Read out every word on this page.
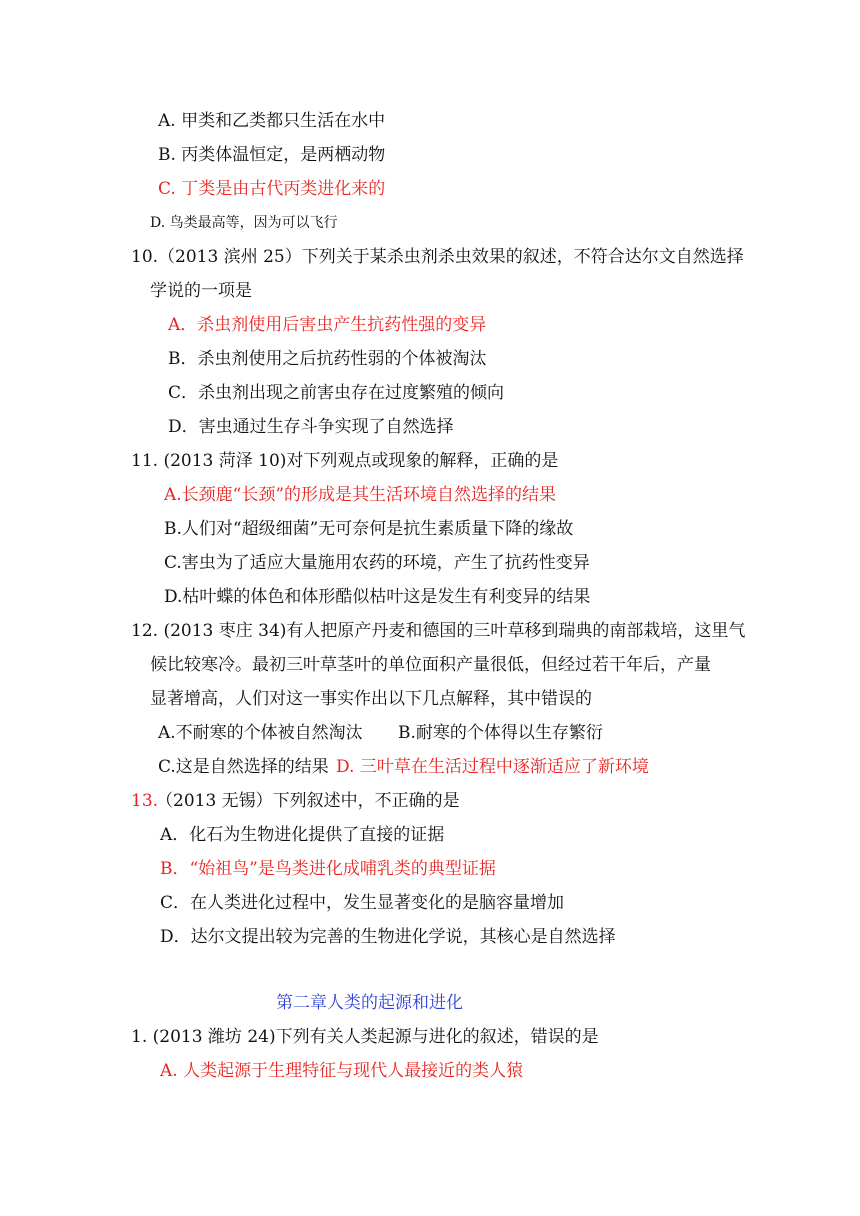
A. 甲类和乙类都只生活在水中
B. 丙类体温恒定，是两栖动物
C. 丁类是由古代丙类进化来的
D. 鸟类最高等，因为可以飞行
10.（2013 滨州 25）下列关于某杀虫剂杀虫效果的叙述，不符合达尔文自然选择
学说的一项是
A．杀虫剂使用后害虫产生抗药性强的变异
B．杀虫剂使用之后抗药性弱的个体被淘汰
C．杀虫剂出现之前害虫存在过度繁殖的倾向
D．害虫通过生存斗争实现了自然选择
11. (2013 菏泽 10)对下列观点或现象的解释，正确的是
A.长颈鹿“长颈”的形成是其生活环境自然选择的结果
B.人们对“超级细菌”无可奈何是抗生素质量下降的缘故
C.害虫为了适应大量施用农药的环境，产生了抗药性变异
D.枯叶蝶的体色和体形酷似枯叶这是发生有利变异的结果
12. (2013 枣庄 34)有人把原产丹麦和德国的三叶草移到瑞典的南部栽培，这里气
候比较寒冷。最初三叶草茎叶的单位面积产量很低，但经过若干年后，产量
显著增高，人们对这一事实作出以下几点解释，其中错误的
A.不耐寒的个体被自然淘汰 B.耐寒的个体得以生存繁衍
C.这是自然选择的结果 D. 三叶草在生活过程中逐渐适应了新环境
13.
（2013 无锡）下列叙述中，不正确的是
A．化石为生物进化提供了直接的证据
B．“始祖鸟”是鸟类进化成哺乳类的典型证据
C．在人类进化过程中，发生显著变化的是脑容量增加
D．达尔文提出较为完善的生物进化学说，其核心是自然选择
第二章人类的起源和进化
1. (2013 潍坊 24)下列有关人类起源与进化的叙述，错误的是
A. 人类起源于生理特征与现代人最接近的类人猿
